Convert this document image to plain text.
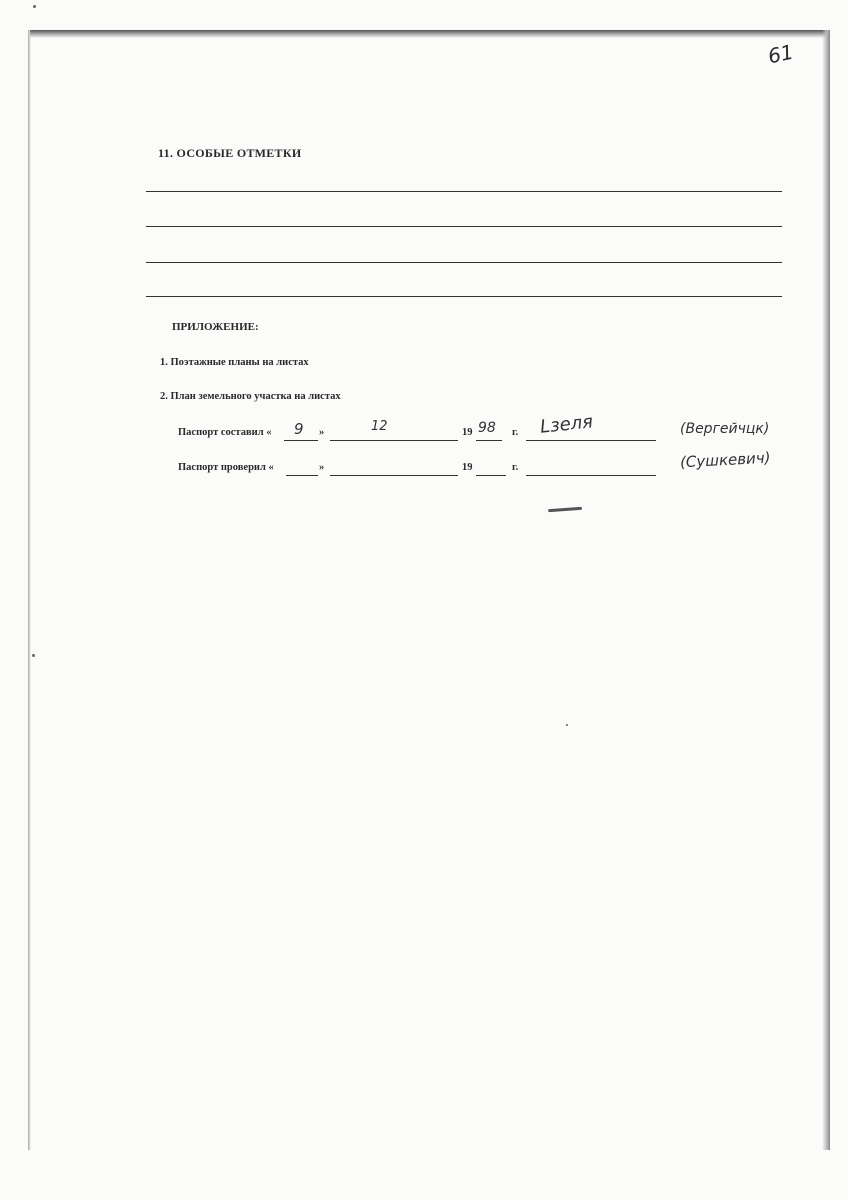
61
11. ОСОБЫЕ ОТМЕТКИ
ПРИЛОЖЕНИЕ:
1. Поэтажные планы на листах
2. План земельного участка на листах
Паспорт составил « 9 »	12	19 98 г. Lзеля	(Вергейчцк)
Паспорт проверил «	»	19	г.	(Сушкевич)
